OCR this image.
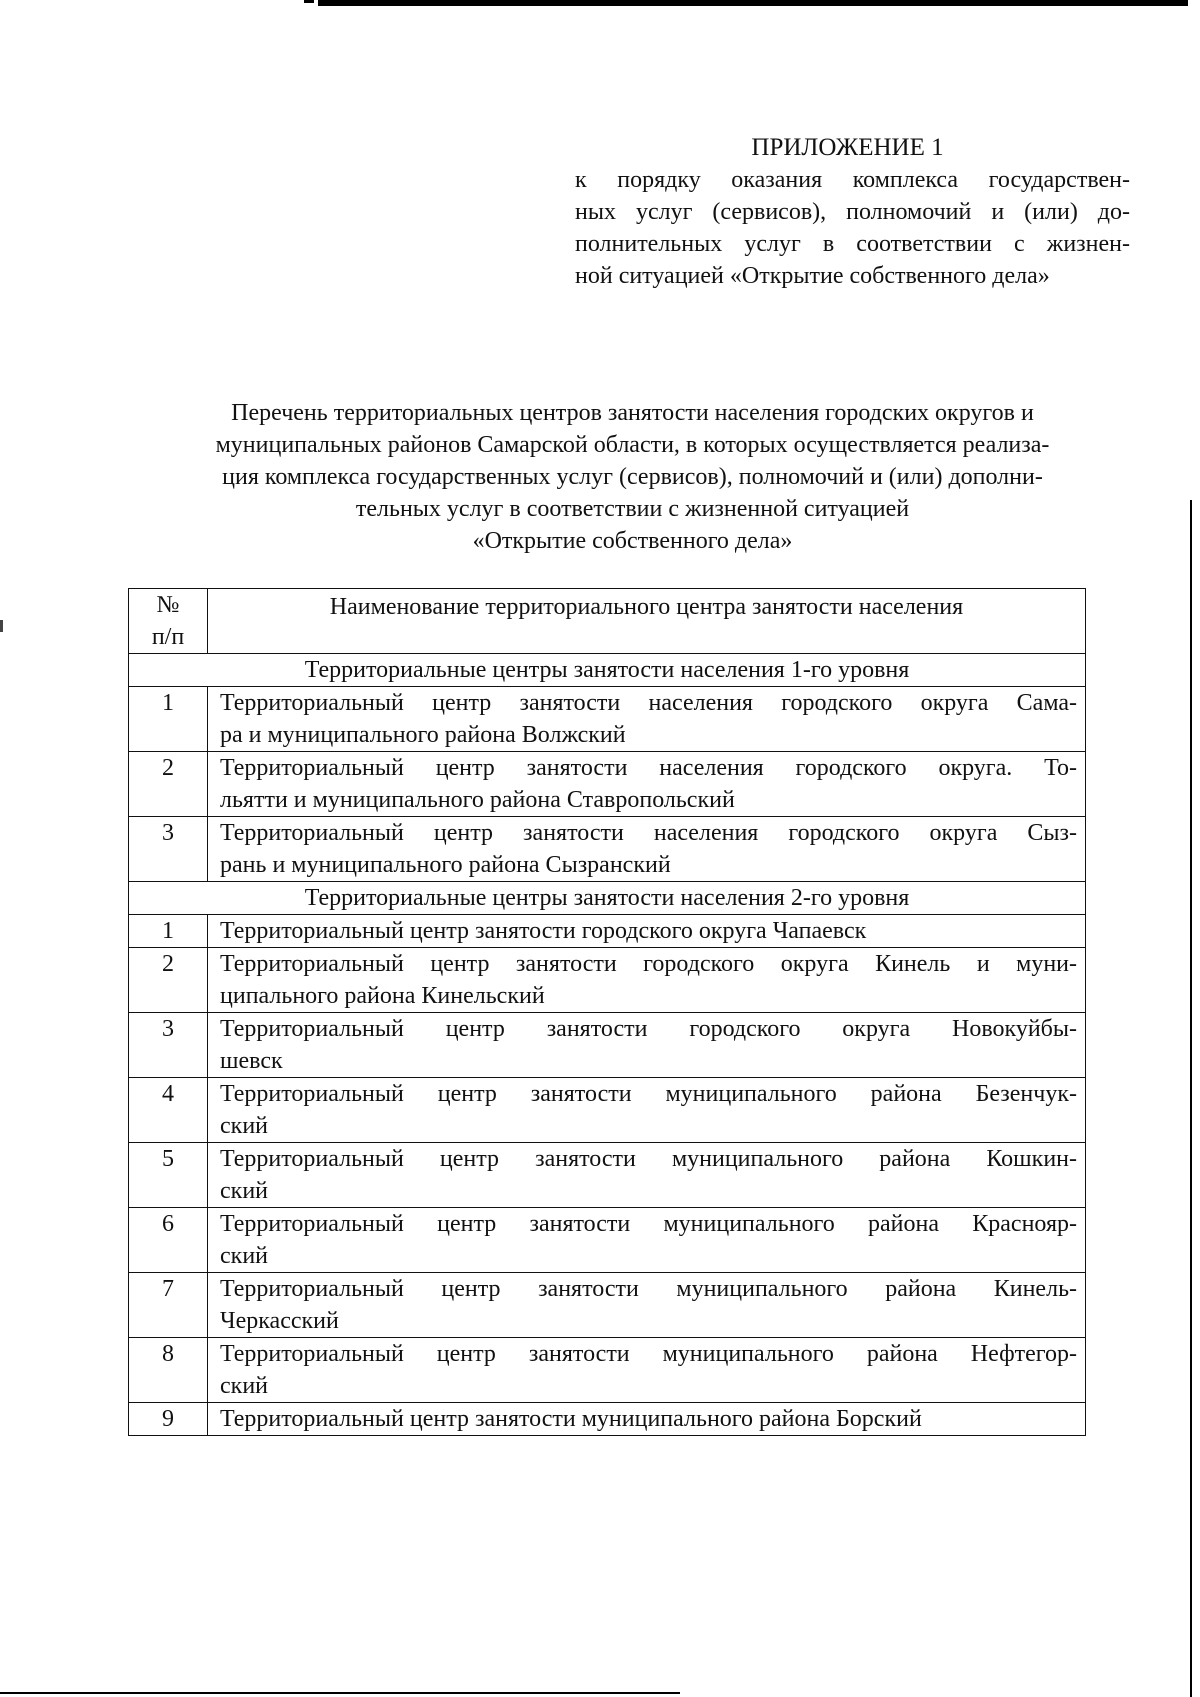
ПРИЛОЖЕНИЕ 1
к порядку оказания комплекса государствен-
ных услуг (сервисов), полномочий и (или) до-
полнительных услуг в соответствии с жизнен-
ной ситуацией «Открытие собственного дела»
Перечень территориальных центров занятости населения городских округов и
муниципальных районов Самарской области, в которых осуществляется реализа-
ция комплекса государственных услуг (сервисов), полномочий и (или) дополни-
тельных услуг в соответствии с жизненной ситуацией
«Открытие собственного дела»
№
п/п	Наименование территориального центра занятости населения

Территориальные центры занятости населения 1-го уровня	
1	Территориальный центр занятости населения городского округа Сама-
ра и муниципального района Волжский

2	Территориальный центр занятости населения городского округа. То-
льятти и муниципального района Ставропольский

3	Территориальный центр занятости населения городского округа Сыз-
рань и муниципального района Сызранский

Территориальные центры занятости населения 2-го уровня	
1	Территориальный центр занятости городского округа Чапаевск

2	Территориальный центр занятости городского округа Кинель и муни-
ципального района Кинельский

3	Территориальный центр занятости городского округа Новокуйбы-
шевск

4	Территориальный центр занятости муниципального района Безенчук-
ский

5	Территориальный центр занятости муниципального района Кошкин-
ский

6	Территориальный центр занятости муниципального района Краснояр-
ский

7	Территориальный центр занятости муниципального района Кинель-
Черкасский

8	Территориальный центр занятости муниципального района Нефтегор-
ский

9	Территориальный центр занятости муниципального района Борский
